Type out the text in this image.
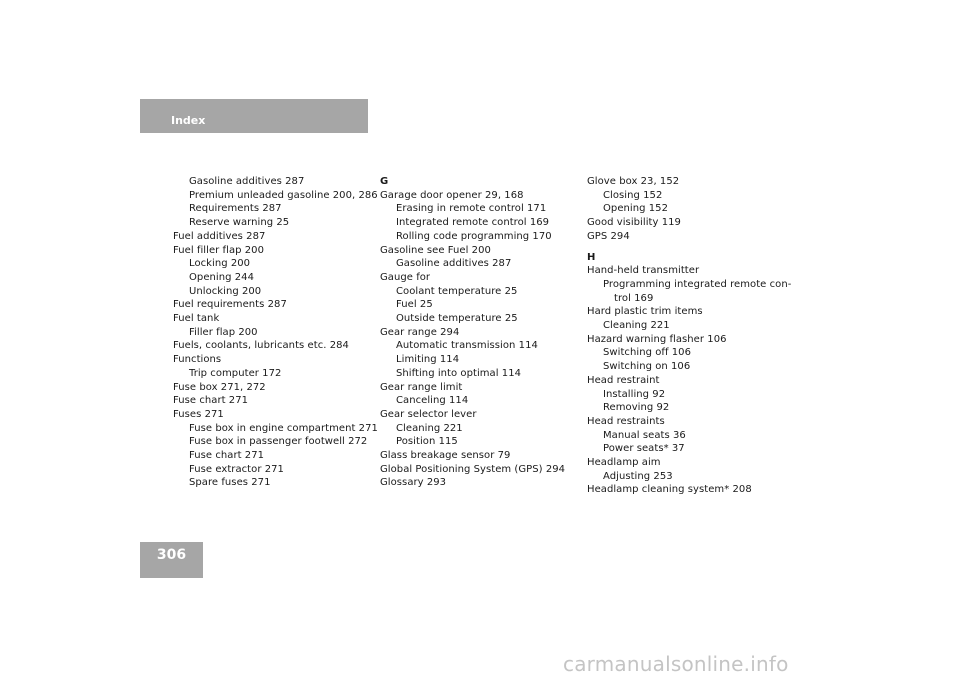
Index
Gasoline additives 287
Premium unleaded gasoline 200, 286
Requirements 287
Reserve warning 25
Fuel additives 287
Fuel filler flap 200
Locking 200
Opening 244
Unlocking 200
Fuel requirements 287
Fuel tank
Filler flap 200
Fuels, coolants, lubricants etc. 284
Functions
Trip computer 172
Fuse box 271, 272
Fuse chart 271
Fuses 271
Fuse box in engine compartment 271
Fuse box in passenger footwell 272
Fuse chart 271
Fuse extractor 271
Spare fuses 271
G
Garage door opener 29, 168
Erasing in remote control 171
Integrated remote control 169
Rolling code programming 170
Gasoline see Fuel 200
Gasoline additives 287
Gauge for
Coolant temperature 25
Fuel 25
Outside temperature 25
Gear range 294
Automatic transmission 114
Limiting 114
Shifting into optimal 114
Gear range limit
Canceling 114
Gear selector lever
Cleaning 221
Position 115
Glass breakage sensor 79
Global Positioning System (GPS) 294
Glossary 293
Glove box 23, 152
Closing 152
Opening 152
Good visibility 119
GPS 294
H
Hand-held transmitter
Programming integrated remote con-
trol 169
Hard plastic trim items
Cleaning 221
Hazard warning flasher 106
Switching off 106
Switching on 106
Head restraint
Installing 92
Removing 92
Head restraints
Manual seats 36
Power seats* 37
Headlamp aim
Adjusting 253
Headlamp cleaning system* 208
306
carmanualsonline.info
